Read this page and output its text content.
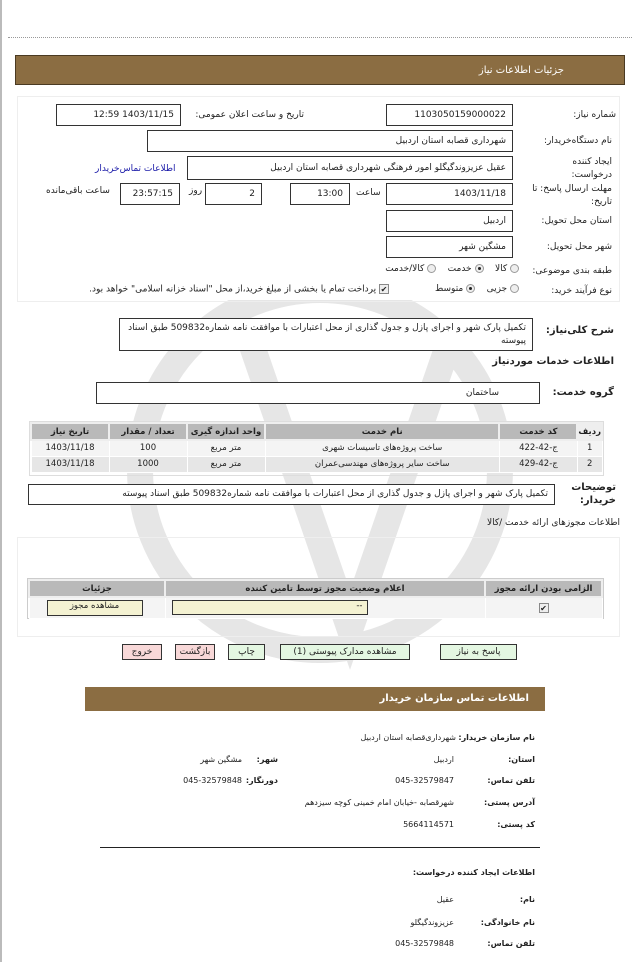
جزئیات اطلاعات نیاز
شماره نیاز:
1103050159000022
تاریخ و ساعت اعلان عمومی:
1403/11/15 12:59
نام دستگاه‌خریدار:
شهرداری قصابه استان اردبیل
ایجاد کننده درخواست:
عقیل عزیزوندگیگلو امور فرهنگی شهرداری قصابه استان اردبیل
اطلاعات تماس‌خریدار
مهلت ارسال پاسخ: تا تاریخ:
1403/11/18
ساعت
13:00
روز	2
23:57:15
ساعت باقی‌مانده
استان محل تحویل:
اردبیل
شهر محل تحویل:
مشگین شهر
طبقه بندی موضوعی:
کالا     خدمت     کالا/خدمت
نوع فرآیند خرید:
جزیی     متوسط
✔ پرداخت تمام یا بخشی از مبلغ خرید،از محل "اسناد خزانه اسلامی" خواهد بود.
شرح کلی‌نیاز:
تکمیل پارک شهر و اجرای پازل و جدول گذاری از محل اعتبارات با موافقت نامه شماره509832 طبق اسناد پیوسته
اطلاعات خدمات موردنیاز
گروه خدمت:
ساختمان
ردیف	کد خدمت	نام خدمت	واحد اندازه گیری	تعداد / مقدار	تاریخ نیاز
1	ج-42-422	ساخت پروژه‌های تاسیسات شهری	متر مربع	100	1403/11/18
2	ج-42-429	ساخت سایر پروژه‌های مهندسی‌عمران	متر مربع	1000	1403/11/18
توضیحات خریدار:
تکمیل پارک شهر و اجرای پازل و جدول گذاری از محل اعتبارات با موافقت نامه شماره509832 طبق اسناد پیوسته
اطلاعات مجوزهای ارائه خدمت /کالا
الزامی بودن ارائه مجوز	اعلام وضعیت مجوز توسط تامین کننده	جزئیات
✔	--	مشاهده مجوز
پاسخ به نیاز
مشاهده مدارک پیوستی (1)
چاپ
بازگشت
خروج
اطلاعات تماس سازمان خریدار
نام سازمان خریدار:
شهرداری‌قصابه استان اردبیل
استان:
اردبیل
شهر:
مشگین شهر
تلفن تماس:
045-32579847
دورنگار:
045-32579848
آدرس پستی:
شهرقصابه -خیابان امام خمینی کوچه سیزدهم
کد پستی:
5664114571
اطلاعات ایجاد کننده درخواست:
نام:
عقیل
نام خانوادگی:
عزیزوندگیگلو
تلفن تماس:
045-32579848
